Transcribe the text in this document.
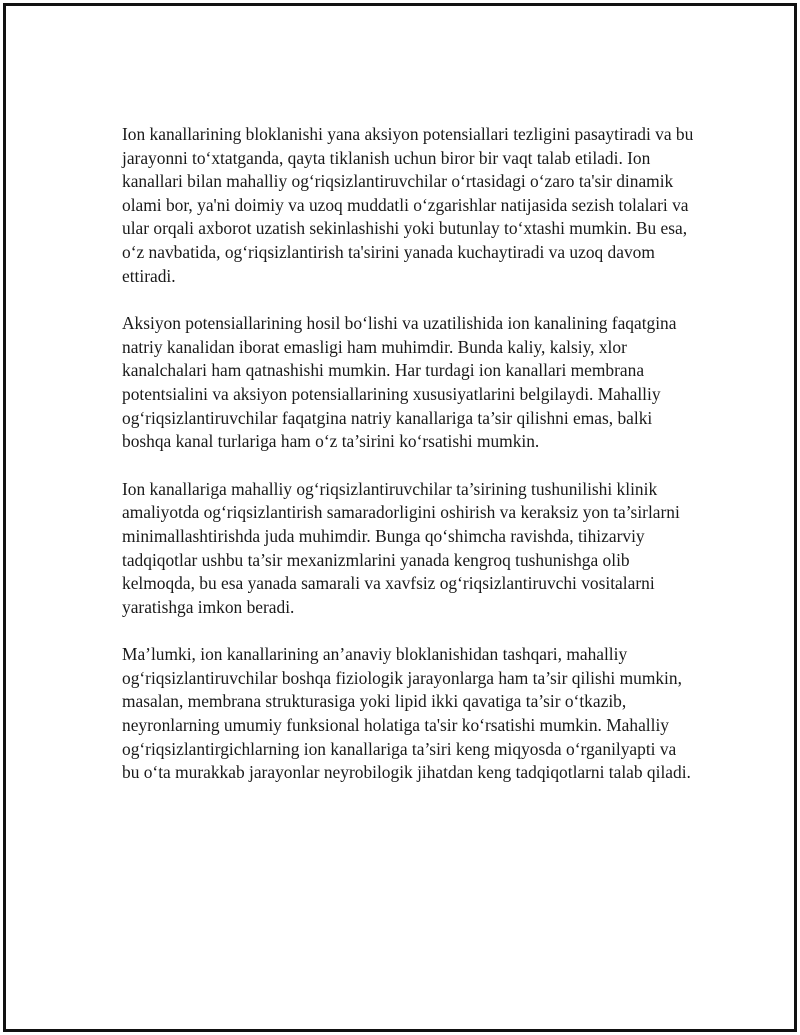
Ion kanallarining bloklanishi yana aksiyon potensiallari tezligini pasaytiradi va bu jarayonni to‘xtatganda, qayta tiklanish uchun biror bir vaqt talab etiladi. Ion kanallari bilan mahalliy og‘riqsizlantiruvchilar o‘rtasidagi o‘zaro ta'sir dinamik olami bor, ya'ni doimiy va uzoq muddatli o‘zgarishlar natijasida sezish tolalari va ular orqali axborot uzatish sekinlashishi yoki butunlay to‘xtashi mumkin. Bu esa, o‘z navbatida, og‘riqsizlantirish ta'sirini yanada kuchaytiradi va uzoq davom ettiradi.

Aksiyon potensiallarining hosil bo‘lishi va uzatilishida ion kanalining faqatgina natriy kanalidan iborat emasligi ham muhimdir. Bunda kaliy, kalsiy, xlor kanalchalari ham qatnashishi mumkin. Har turdagi ion kanallari membrana potentsialini va aksiyon potensiallarining xususiyatlarini belgilaydi. Mahalliy og‘riqsizlantiruvchilar faqatgina natriy kanallariga ta’sir qilishni emas, balki boshqa kanal turlariga ham o‘z ta’sirini ko‘rsatishi mumkin.

Ion kanallariga mahalliy og‘riqsizlantiruvchilar ta’sirining tushunilishi klinik amaliyotda og‘riqsizlantirish samaradorligini oshirish va keraksiz yon ta’sirlarni minimallashtirishda juda muhimdir. Bunga qo‘shimcha ravishda, tihizarviy tadqiqotlar ushbu ta’sir mexanizmlarini yanada kengroq tushunishga olib kelmoqda, bu esa yanada samarali va xavfsiz og‘riqsizlantiruvchi vositalarni yaratishga imkon beradi.

Ma’lumki, ion kanallarining an’anaviy bloklanishidan tashqari, mahalliy og‘riqsizlantiruvchilar boshqa fiziologik jarayonlarga ham ta’sir qilishi mumkin, masalan, membrana strukturasiga yoki lipid ikki qavatiga ta’sir o‘tkazib, neyronlarning umumiy funksional holatiga ta'sir ko‘rsatishi mumkin. Mahalliy og‘riqsizlantirgichlarning ion kanallariga ta’siri keng miqyosda o‘rganilyapti va bu o‘ta murakkab jarayonlar neyrobilogik jihatdan keng tadqiqotlarni talab qiladi.
